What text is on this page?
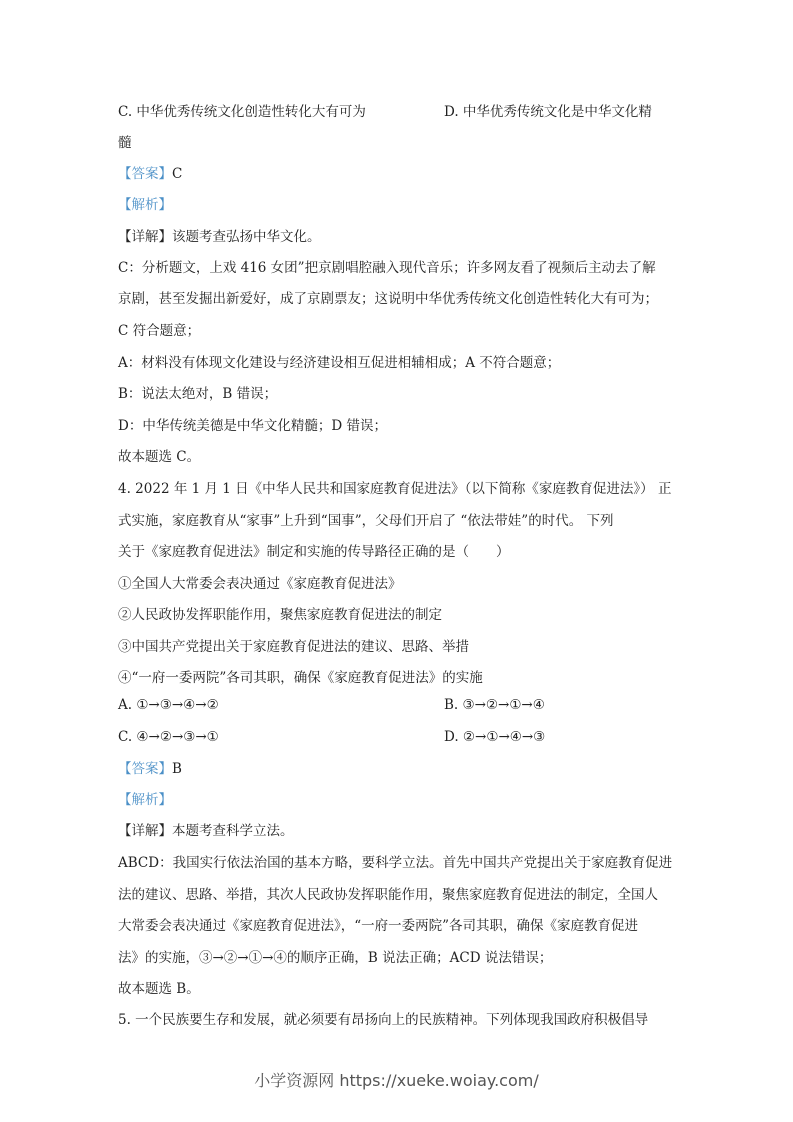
C. 中华优秀传统文化创造性转化大有可为	D. 中华优秀传统文化是中华文化精
髓
【答案】C
【解析】
【详解】该题考查弘扬中华文化。
C：分析题文，上戏 416 女团”把京剧唱腔融入现代音乐；许多网友看了视频后主动去了解
京剧，甚至发掘出新爱好，成了京剧票友；这说明中华优秀传统文化创造性转化大有可为；
C 符合题意；
A：材料没有体现文化建设与经济建设相互促进相辅相成；A 不符合题意；
B：说法太绝对，B 错误；
D：中华传统美德是中华文化精髓；D 错误；
故本题选 C。
4. 2022 年 1 月 1 日《中华人民共和国家庭教育促进法》（以下简称《家庭教育促进法》） 正
式实施，家庭教育从“家事”上升到“国事”，父母们开启了 “依法带娃”的时代。 下列
关于《家庭教育促进法》制定和实施的传导路径正确的是（　　）
①全国人大常委会表决通过《家庭教育促进法》
②人民政协发挥职能作用，聚焦家庭教育促进法的制定
③中国共产党提出关于家庭教育促进法的建议、思路、举措
④“一府一委两院”各司其职，确保《家庭教育促进法》的实施
A. ①→③→④→②	B. ③→②→①→④
C. ④→②→③→①	D. ②→①→④→③
【答案】B
【解析】
【详解】本题考查科学立法。
ABCD：我国实行依法治国的基本方略，要科学立法。首先中国共产党提出关于家庭教育促进
法的建议、思路、举措，其次人民政协发挥职能作用，聚焦家庭教育促进法的制定，全国人
大常委会表决通过《家庭教育促进法》，“一府一委两院”各司其职，确保《家庭教育促进
法》的实施，③→②→①→④的顺序正确，B 说法正确；ACD 说法错误；
故本题选 B。
5. 一个民族要生存和发展，就必须要有昂扬向上的民族精神。下列体现我国政府积极倡导
小学资源网 https://xueke.woiay.com/
